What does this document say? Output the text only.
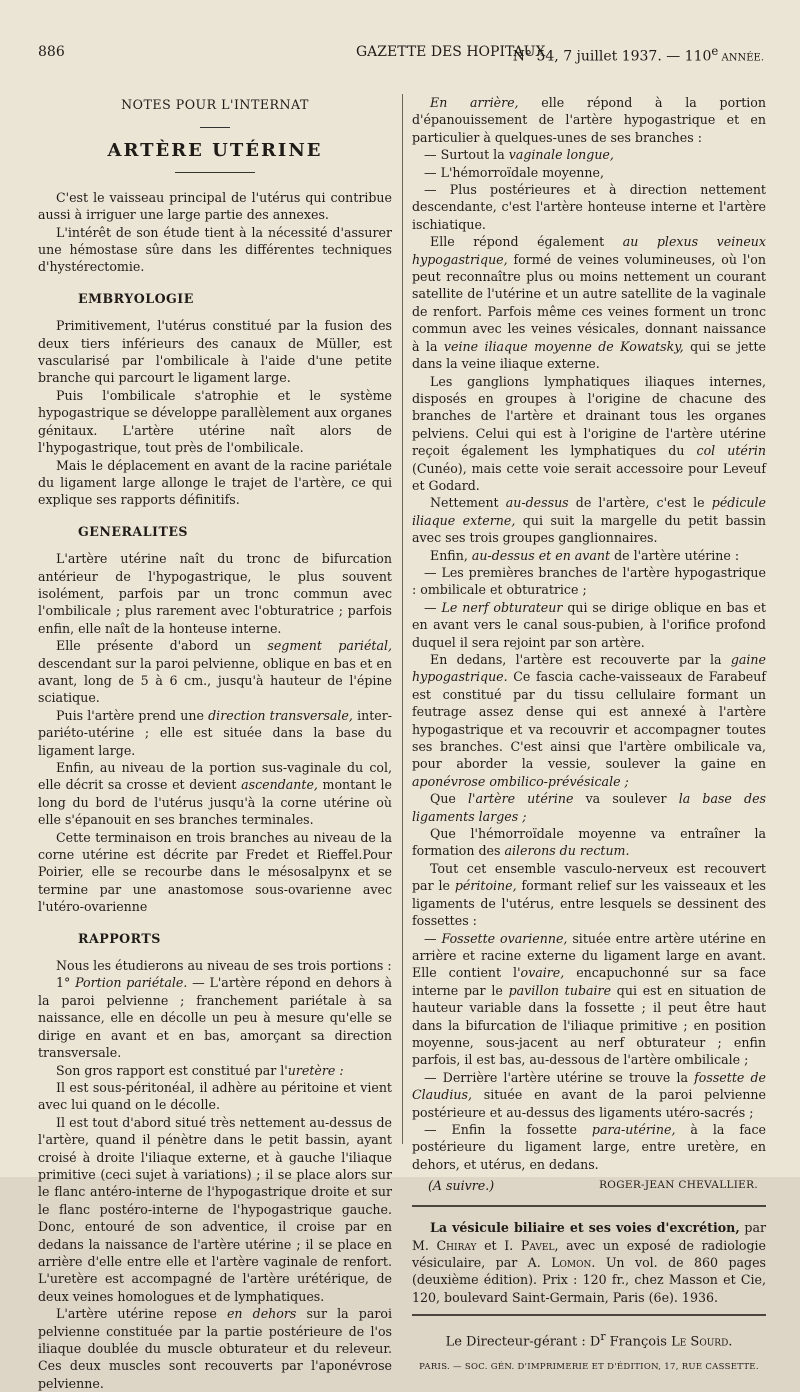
886	GAZETTE DES HOPITAUX
N° 54, 7 juillet 1937. — 110e ANNÉE.
NOTES POUR L'INTERNAT
ARTÈRE UTÉRINE

C'est le vaisseau principal de l'utérus qui contribue aussi à irriguer une large partie des annexes.

L'intérêt de son étude tient à la nécessité d'assurer une hémostase sûre dans les différentes techniques d'hystérectomie.

EMBRYOLOGIE

Primitivement, l'utérus constitué par la fusion des deux tiers inférieurs des canaux de Müller, est vascularisé par l'ombilicale à l'aide d'une petite branche qui parcourt le ligament large.

Puis l'ombilicale s'atrophie et le système hypogastrique se développe parallèlement aux organes génitaux. L'artère utérine naît alors de l'hypogastrique, tout près de l'ombilicale.

Mais le déplacement en avant de la racine pariétale du ligament large allonge le trajet de l'artère, ce qui explique ses rapports définitifs.

GENERALITES

L'artère utérine naît du tronc de bifurcation antérieur de l'hypogastrique, le plus souvent isolément, parfois par un tronc commun avec l'ombilicale ; plus rarement avec l'obturatrice ; parfois enfin, elle naît de la honteuse interne.

Elle présente d'abord un segment pariétal, descendant sur la paroi pelvienne, oblique en bas et en avant, long de 5 à 6 cm., jusqu'à hauteur de l'épine sciatique.

Puis l'artère prend une direction transversale, inter-pariéto-utérine ; elle est située dans la base du ligament large.

Enfin, au niveau de la portion sus-vaginale du col, elle décrit sa crosse et devient ascendante, montant le long du bord de l'utérus jusqu'à la corne utérine où elle s'épanouit en ses branches terminales.

Cette terminaison en trois branches au niveau de la corne utérine est décrite par Fredet et Rieffel.Pour Poirier, elle se recourbe dans le mésosalpynx et se termine par une anastomose sous-ovarienne avec l'utéro-ovarienne

RAPPORTS

Nous les étudierons au niveau de ses trois portions :

1° Portion pariétale. — L'artère répond en dehors à la paroi pelvienne ; franchement pariétale à sa naissance, elle en décolle un peu à mesure qu'elle se dirige en avant et en bas, amorçant sa direction transversale.

Son gros rapport est constitué par l'uretère :

Il est sous-péritonéal, il adhère au péritoine et vient avec lui quand on le décolle.

Il est tout d'abord situé très nettement au-dessus de l'artère, quand il pénètre dans le petit bassin, ayant croisé à droite l'iliaque externe, et à gauche l'iliaque primitive (ceci sujet à variations) ; il se place alors sur le flanc antéro-interne de l'hypogastrique droite et sur le flanc postéro-interne de l'hypogastrique gauche. Donc, entouré de son adventice, il croise par en dedans la naissance de l'artère utérine ; il se place en arrière d'elle entre elle et l'artère vaginale de renfort. L'uretère est accompagné de l'artère urétérique, de deux veines homologues et de lymphatiques.

L'artère utérine repose en dehors sur la paroi pelvienne constituée par la partie postérieure de l'os iliaque doublée du muscle obturateur et du releveur. Ces deux muscles sont recouverts par l'aponévrose pelvienne.

En arrière, elle répond à la portion d'épanouissement de l'artère hypogastrique et en particulier à quelques-unes de ses branches :

— Surtout la vaginale longue,

— L'hémorroïdale moyenne,

— Plus postérieures et à direction nettement descendante, c'est l'artère honteuse interne et l'artère ischiatique.

Elle répond également au plexus veineux hypogastrique, formé de veines volumineuses, où l'on peut reconnaître plus ou moins nettement un courant satellite de l'utérine et un autre satellite de la vaginale de renfort. Parfois même ces veines forment un tronc commun avec les veines vésicales, donnant naissance à la veine iliaque moyenne de Kowatsky, qui se jette dans la veine iliaque externe.

Les ganglions lymphatiques iliaques internes, disposés en groupes à l'origine de chacune des branches de l'artère et drainant tous les organes pelviens. Celui qui est à l'origine de l'artère utérine reçoit également les lymphatiques du col utérin (Cunéo), mais cette voie serait accessoire pour Leveuf et Godard.

Nettement au-dessus de l'artère, c'est le pédicule iliaque externe, qui suit la margelle du petit bassin avec ses trois groupes ganglionnaires.

Enfin, au-dessus et en avant de l'artère utérine :

— Les premières branches de l'artère hypogastrique : ombilicale et obturatrice ;

— Le nerf obturateur qui se dirige oblique en bas et en avant vers le canal sous-pubien, à l'orifice profond duquel il sera rejoint par son artère.

En dedans, l'artère est recouverte par la gaine hypogastrique. Ce fascia cache-vaisseaux de Farabeuf est constitué par du tissu cellulaire formant un feutrage assez dense qui est annexé à l'artère hypogastrique et va recouvrir et accompagner toutes ses branches. C'est ainsi que l'artère ombilicale va, pour aborder la vessie, soulever la gaine en aponévrose ombilico-prévésicale ;

Que l'artère utérine va soulever la base des ligaments larges ;

Que l'hémorroïdale moyenne va entraîner la formation des ailerons du rectum.

Tout cet ensemble vasculo-nerveux est recouvert par le péritoine, formant relief sur les vaisseaux et les ligaments de l'utérus, entre lesquels se dessinent des fossettes :

— Fossette ovarienne, située entre artère utérine en arrière et racine externe du ligament large en avant. Elle contient l'ovaire, encapuchonné sur sa face interne par le pavillon tubaire qui est en situation de hauteur variable dans la fossette ; il peut être haut dans la bifurcation de l'iliaque primitive ; en position moyenne, sous-jacent au nerf obturateur ; enfin parfois, il est bas, au-dessous de l'artère ombilicale ;

— Derrière l'artère utérine se trouve la fossette de Claudius, située en avant de la paroi pelvienne postérieure et au-dessus des ligaments utéro-sacrés ;

— Enfin la fossette para-utérine, à la face postérieure du ligament large, entre uretère, en dehors, et utérus, en dedans.

(A suivre.)	ROGER-JEAN CHEVALLIER.
La vésicule biliaire et ses voies d'excrétion, par M. Chiray et I. Pavel, avec un exposé de radiologie vésiculaire, par A. Lomon. Un vol. de 860 pages (deuxième édition). Prix : 120 fr., chez Masson et Cie, 120, boulevard Saint-Germain, Paris (6e). 1936.
Le Directeur-gérant : $D^r$ François Le Sourd.
PARIS. — SOC. GÉN. D'IMPRIMERIE ET D'ÉDITION, 17, RUE CASSETTE.
